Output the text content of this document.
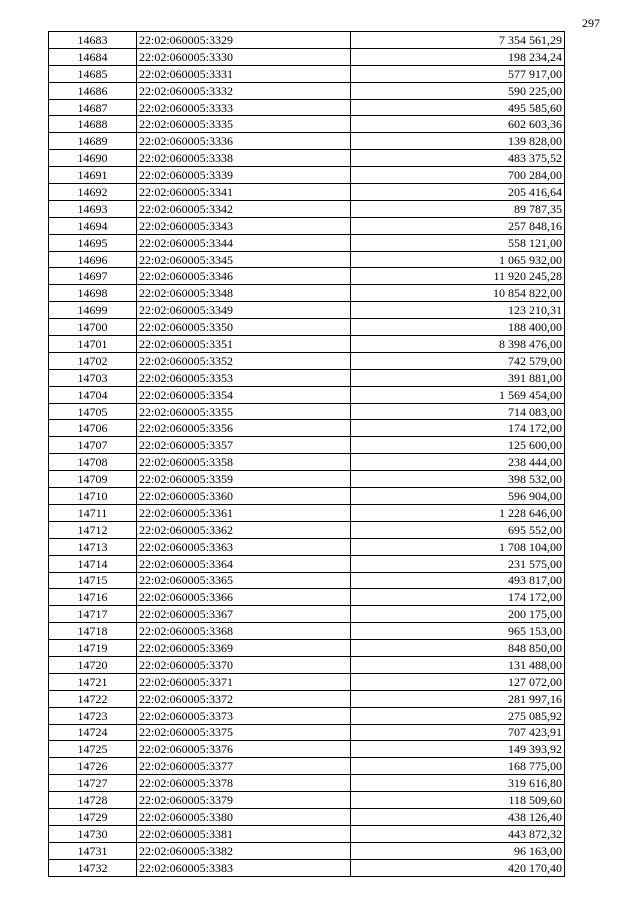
297
14683	22:02:060005:3329	7 354 561,29
14684	22:02:060005:3330	198 234,24
14685	22:02:060005:3331	577 917,00
14686	22:02:060005:3332	590 225,00
14687	22:02:060005:3333	495 585,60
14688	22:02:060005:3335	602 603,36
14689	22:02:060005:3336	139 828,00
14690	22:02:060005:3338	483 375,52
14691	22:02:060005:3339	700 284,00
14692	22:02:060005:3341	205 416,64
14693	22:02:060005:3342	89 787,35
14694	22:02:060005:3343	257 848,16
14695	22:02:060005:3344	558 121,00
14696	22:02:060005:3345	1 065 932,00
14697	22:02:060005:3346	11 920 245,28
14698	22:02:060005:3348	10 854 822,00
14699	22:02:060005:3349	123 210,31
14700	22:02:060005:3350	188 400,00
14701	22:02:060005:3351	8 398 476,00
14702	22:02:060005:3352	742 579,00
14703	22:02:060005:3353	391 881,00
14704	22:02:060005:3354	1 569 454,00
14705	22:02:060005:3355	714 083,00
14706	22:02:060005:3356	174 172,00
14707	22:02:060005:3357	125 600,00
14708	22:02:060005:3358	238 444,00
14709	22:02:060005:3359	398 532,00
14710	22:02:060005:3360	596 904,00
14711	22:02:060005:3361	1 228 646,00
14712	22:02:060005:3362	695 552,00
14713	22:02:060005:3363	1 708 104,00
14714	22:02:060005:3364	231 575,00
14715	22:02:060005:3365	493 817,00
14716	22:02:060005:3366	174 172,00
14717	22:02:060005:3367	200 175,00
14718	22:02:060005:3368	965 153,00
14719	22:02:060005:3369	848 850,00
14720	22:02:060005:3370	131 488,00
14721	22:02:060005:3371	127 072,00
14722	22:02:060005:3372	281 997,16
14723	22:02:060005:3373	275 085,92
14724	22:02:060005:3375	707 423,91
14725	22:02:060005:3376	149 393,92
14726	22:02:060005:3377	168 775,00
14727	22:02:060005:3378	319 616,80
14728	22:02:060005:3379	118 509,60
14729	22:02:060005:3380	438 126,40
14730	22:02:060005:3381	443 872,32
14731	22:02:060005:3382	96 163,00
14732	22:02:060005:3383	420 170,40
